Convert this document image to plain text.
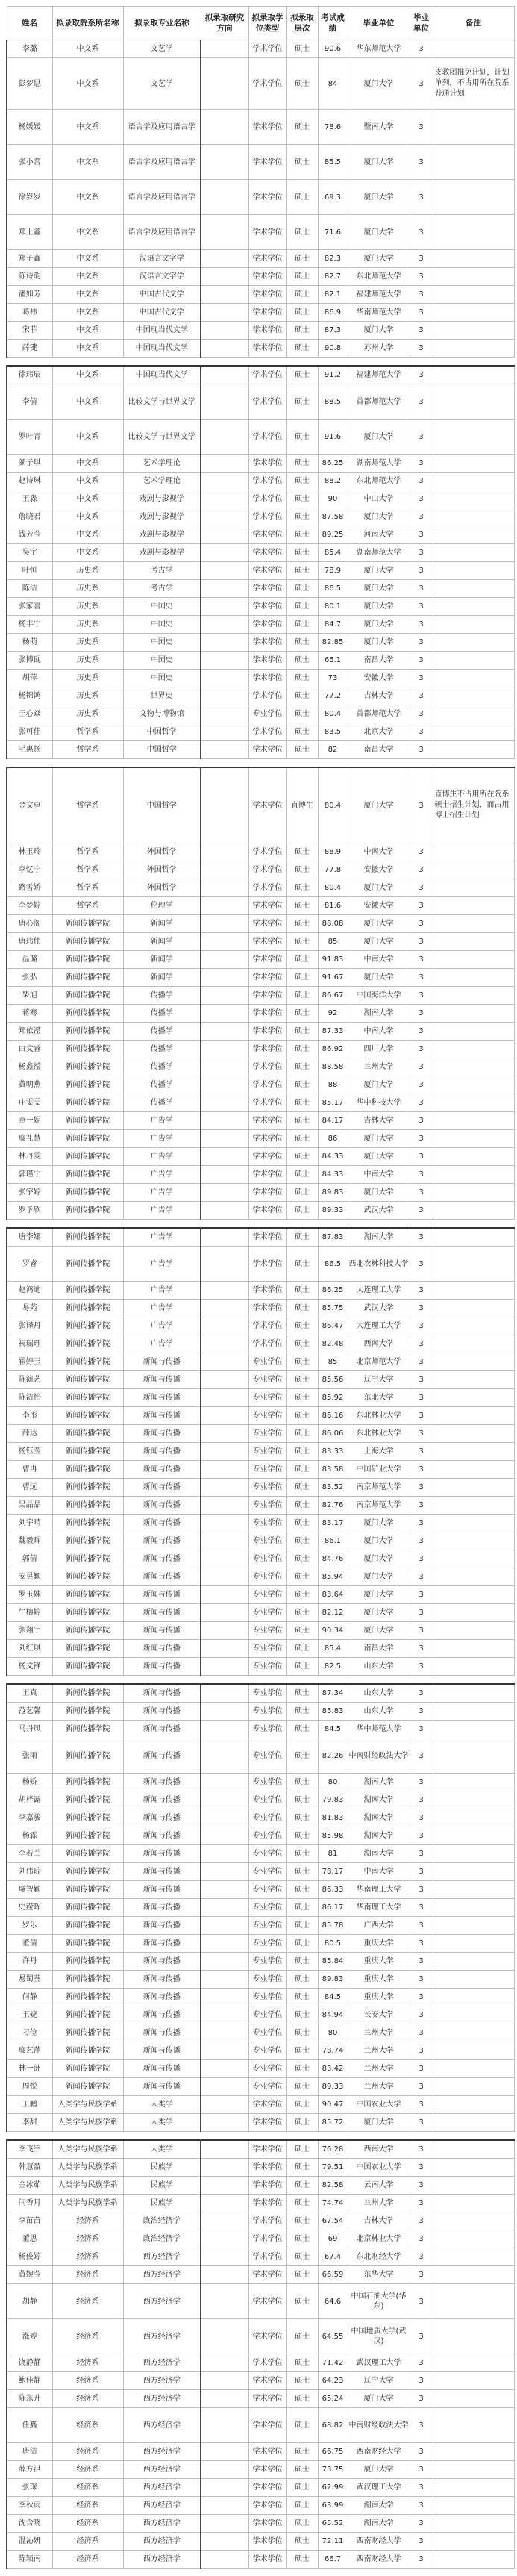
姓名	拟录取院系所名称	拟录取专业名称	拟录取研究方向	拟录取学位类型	拟录取层次	考试成绩	毕业单位	毕业单位	备注
李璐	中文系	文艺学		学术学位	硕士	90.6	华东师范大学	3	
彭梦思	中文系	文艺学		学术学位	硕士	84	厦门大学	3	支教团推免计划，计划单列，不占用所在院系普通计划
杨媛媛	中文系	语言学及应用语言学		学术学位	硕士	78.6	暨南大学	3	
张小蕾	中文系	语言学及应用语言学		学术学位	硕士	85.5	厦门大学	3	
徐岁岁	中文系	语言学及应用语言学		学术学位	硕士	69.3	厦门大学	3	
郑上鑫	中文系	语言学及应用语言学		学术学位	硕士	71.6	厦门大学	3	
郑子鑫	中文系	汉语言文字学		学术学位	硕士	82.3	厦门大学	3	
陈诗韵	中文系	汉语言文字学		学术学位	硕士	82.7	东北师范大学	3	
潘如芳	中文系	中国古代文学		学术学位	硕士	82.1	福建师范大学	3	
葛祎	中文系	中国古代文学		学术学位	硕士	86.9	华南师范大学	3	
宋菲	中文系	中国现当代文学		学术学位	硕士	87.3	厦门大学	3	
薛键	中文系	中国现当代文学		学术学位	硕士	90.8	苏州大学	3	
徐玮辰	中文系	中国现当代文学		学术学位	硕士	91.2	福建师范大学	3	
李倩	中文系	比较文学与世界文学		学术学位	硕士	88.5	首都师范大学	3	
罗叶青	中文系	比较文学与世界文学		学术学位	硕士	91.6	厦门大学	3	
颜子琪	中文系	艺术学理论		学术学位	硕士	86.25	湖南师范大学	3	
赵诗琳	中文系	艺术学理论		学术学位	硕士	88.2	东北师范大学	3	
王淼	中文系	戏剧与影视学		学术学位	硕士	90	中山大学	3	
詹晓君	中文系	戏剧与影视学		学术学位	硕士	87.58	厦门大学	3	
钱芳莹	中文系	戏剧与影视学		学术学位	硕士	89.25	河南大学	3	
吴宇	中文系	戏剧与影视学		学术学位	硕士	85.4	湖南师范大学	3	
叶恒	历史系	考古学		学术学位	硕士	78.9	厦门大学	3	
陈洁	历史系	考古学		学术学位	硕士	86.5	厦门大学	3	
张家喜	历史系	中国史		学术学位	硕士	80.1	厦门大学	3	
杨丰宁	历史系	中国史		学术学位	硕士	84.7	厦门大学	3	
杨萌	历史系	中国史		学术学位	硕士	82.85	厦门大学	3	
张博砚	历史系	中国史		学术学位	硕士	65.1	南昌大学	3	
胡萍	历史系	中国史		学术学位	硕士	73	安徽大学	3	
杨锦鸿	历史系	世界史		学术学位	硕士	77.2	吉林大学	3	
王心焱	历史系	文物与博物馆		专业学位	硕士	80.4	首都师范大学	3	
张可佳	哲学系	中国哲学		学术学位	硕士	83.5	北京大学	3	
毛惠扬	哲学系	中国哲学		学术学位	硕士	82	南昌大学	3	
金文卓	哲学系	中国哲学		学术学位	直博生	80.4	厦门大学	3	直博生不占用所在院系硕士招生计划，而占用博士招生计划
林玉玲	哲学系	外国哲学		学术学位	硕士	88.9	中南大学	3	
李忆宁	哲学系	外国哲学		学术学位	硕士	77.8	安徽大学	3	
路雪娇	哲学系	外国哲学		学术学位	硕士	80.4	厦门大学	3	
李梦婷	哲学系	伦理学		学术学位	硕士	81.6	安徽大学	3	
唐心阁	新闻传播学院	新闻学		学术学位	硕士	88.08	厦门大学	3	
唐玮伟	新闻传播学院	新闻学		学术学位	硕士	85	厦门大学	3	
温璐	新闻传播学院	新闻学		学术学位	硕士	91.83	中南大学	3	
张弘	新闻传播学院	新闻学		学术学位	硕士	91.67	厦门大学	3	
柴旭	新闻传播学院	传播学		学术学位	硕士	86.67	中国海洋大学	3	
蒋骞	新闻传播学院	传播学		学术学位	硕士	92	湖南大学	3	
郑依瀅	新闻传播学院	传播学		学术学位	硕士	87.33	中南大学	3	
白文睿	新闻传播学院	传播学		学术学位	硕士	86.92	四川大学	3	
杨鑫滢	新闻传播学院	传播学		学术学位	硕士	88.58	兰州大学	3	
黄明燕	新闻传播学院	传播学		学术学位	硕士	88	厦门大学	3	
庄雯雯	新闻传播学院	传播学		学术学位	硕士	85.17	华中科技大学	3	
章一妮	新闻传播学院	广告学		学术学位	硕士	84.17	吉林大学	3	
廖礼慧	新闻传播学院	广告学		学术学位	硕士	86	厦门大学	3	
林丹雯	新闻传播学院	广告学		学术学位	硕士	84.33	厦门大学	3	
郭瑾宁	新闻传播学院	广告学		学术学位	硕士	84.33	中南大学	3	
张宇婷	新闻传播学院	广告学		学术学位	硕士	89.83	厦门大学	3	
罗予欣	新闻传播学院	广告学		学术学位	硕士	89.33	武汉大学	3	
唐李娜	新闻传播学院	广告学		学术学位	硕士	87.83	湖南大学	3	
罗睿	新闻传播学院	广告学		学术学位	硕士	86.5	西北农林科技大学	3	
赵鸿迪	新闻传播学院	广告学		学术学位	硕士	86.25	大连理工大学	3	
易苑	新闻传播学院	广告学		学术学位	硕士	85.75	武汉大学	3	
张译丹	新闻传播学院	广告学		学术学位	硕士	86.47	大连理工大学	3	
祝瑞珏	新闻传播学院	广告学		学术学位	硕士	82.48	西南大学	3	
翟婷玉	新闻传播学院	新闻与传播		专业学位	硕士	85	北京师范大学	3	
陈演艺	新闻传播学院	新闻与传播		专业学位	硕士	85.56	辽宁大学	3	
陈洁怡	新闻传播学院	新闻与传播		专业学位	硕士	85.92	东北大学	3	
李彤	新闻传播学院	新闻与传播		专业学位	硕士	86.16	东北林业大学	3	
薛达	新闻传播学院	新闻与传播		专业学位	硕士	86.06	东北林业大学	3	
杨钰莹	新闻传播学院	新闻与传播		专业学位	硕士	83.33	上海大学	3	
曹冉	新闻传播学院	新闻与传播		专业学位	硕士	83.58	中国矿业大学	3	
曹远	新闻传播学院	新闻与传播		专业学位	硕士	83.52	南京师范大学	3	
吴晶晶	新闻传播学院	新闻与传播		专业学位	硕士	82.76	南京师范大学	3	
刘宇晴	新闻传播学院	新闻与传播		专业学位	硕士	83.17	厦门大学	3	
魏毅晖	新闻传播学院	新闻与传播		专业学位	硕士	86.1	厦门大学	3	
郭倩	新闻传播学院	新闻与传播		专业学位	硕士	84.76	厦门大学	3	
安昱颖	新闻传播学院	新闻与传播		专业学位	硕士	85.94	厦门大学	3	
罗玉姝	新闻传播学院	新闻与传播		专业学位	硕士	83.64	厦门大学	3	
牛榕婷	新闻传播学院	新闻与传播		专业学位	硕士	82.12	厦门大学	3	
张翔宇	新闻传播学院	新闻与传播		专业学位	硕士	90.34	厦门大学	3	
刘红琪	新闻传播学院	新闻与传播		专业学位	硕士	85.4	南昌大学	3	
杨文锋	新闻传播学院	新闻与传播		专业学位	硕士	82.5	山东大学	3	
王真	新闻传播学院	新闻与传播		专业学位	硕士	87.34	山东大学	3	
范艺馨	新闻传播学院	新闻与传播		专业学位	硕士	85.83	山东大学	3	
马丹凤	新闻传播学院	新闻与传播		专业学位	硕士	84.5	华中师范大学	3	
张雨	新闻传播学院	新闻与传播		专业学位	硕士	82.26	中南财经政法大学	3	
杨娇	新闻传播学院	新闻与传播		专业学位	硕士	80	湖南大学	3	
胡梓露	新闻传播学院	新闻与传播		专业学位	硕士	79.83	湖南大学	3	
李嘉骏	新闻传播学院	新闻与传播		专业学位	硕士	81.83	湖南大学	3	
杨霖	新闻传播学院	新闻与传播		专业学位	硕士	85.98	湖南大学	3	
李若兰	新闻传播学院	新闻与传播		专业学位	硕士	81	湖南大学	3	
刘伟琼	新闻传播学院	新闻与传播		专业学位	硕士	78.17	中南大学	3	
虞智颖	新闻传播学院	新闻与传播		专业学位	硕士	86.33	华南理工大学	3	
史滢晖	新闻传播学院	新闻与传播		专业学位	硕士	86.17	华南理工大学	3	
罗乐	新闻传播学院	新闻与传播		专业学位	硕士	85.78	广西大学	3	
董倩	新闻传播学院	新闻与传播		专业学位	硕士	80.5	重庆大学	3	
许丹	新闻传播学院	新闻与传播		专业学位	硕士	85.84	重庆大学	3	
易蜀蓥	新闻传播学院	新闻与传播		专业学位	硕士	89.83	重庆大学	3	
何静	新闻传播学院	新闻与传播		专业学位	硕士	84.5	重庆大学	3	
王婕	新闻传播学院	新闻与传播		专业学位	硕士	84.94	长安大学	3	
刁俭	新闻传播学院	新闻与传播		专业学位	硕士	80	兰州大学	3	
廖艺萍	新闻传播学院	新闻与传播		专业学位	硕士	78.74	兰州大学	3	
林一洲	新闻传播学院	新闻与传播		专业学位	硕士	83.42	兰州大学	3	
周悦	新闻传播学院	新闻与传播		专业学位	硕士	89.33	兰州大学	3	
王鹏	人类学与民族学系	人类学		学术学位	硕士	90.47	中国农业大学	3	
李甜	人类学与民族学系	人类学		学术学位	硕士	85.72	厦门大学	3	
李飞宇	人类学与民族学系	人类学		学术学位	硕士	76.28	西南大学	3	
韩慧盈	人类学与民族学系	民族学		学术学位	硕士	79.51	中国农业大学	3	
金冰茹	人类学与民族学系	民族学		学术学位	硕士	82.58	云南大学	3	
闫香月	人类学与民族学系	民族学		学术学位	硕士	74.74	兰州大学	3	
李苗苗	经济系	政治经济学		学术学位	硕士	67.54	吉林大学	3	
董思	经济系	政治经济学		学术学位	硕士	69	北京林业大学	3	
杨俊婷	经济系	西方经济学		学术学位	硕士	67.4	东北财经大学	3	
黄婉莹	经济系	西方经济学		学术学位	硕士	66.59	东华大学	3	
胡静	经济系	西方经济学		学术学位	硕士	64.6	中国石油大学(华东)	3	
涨婷	经济系	西方经济学		学术学位	硕士	64.55	中国地质大学(武汉)	3	
饶静静	经济系	西方经济学		学术学位	硕士	71.42	武汉理工大学	3	
鲍佳静	经济系	西方经济学		学术学位	硕士	64.23	辽宁大学	3	
陈东升	经济系	西方经济学		学术学位	硕士	65.24	厦门大学	3	
任矗	经济系	西方经济学		学术学位	硕士	68.82	中南财经政法大学	3	
唐洁	经济系	西方经济学		学术学位	硕士	66.75	西南财经大学	3	
薛方淇	经济系	西方经济学		学术学位	硕士	73.75	厦门大学	3	
张琛	经济系	西方经济学		学术学位	硕士	62.99	武汉理工大学	3	
李秋雨	经济系	西方经济学		学术学位	硕士	63.99	湖南大学	3	
沈含晓	经济系	西方经济学		学术学位	硕士	65.52	湖南大学	3	
温沁妍	经济系	西方经济学		学术学位	硕士	72.11	西南财经大学	3	
陈颖南	经济系	西方经济学		学术学位	硕士	66.7	西南财经大学	3	
